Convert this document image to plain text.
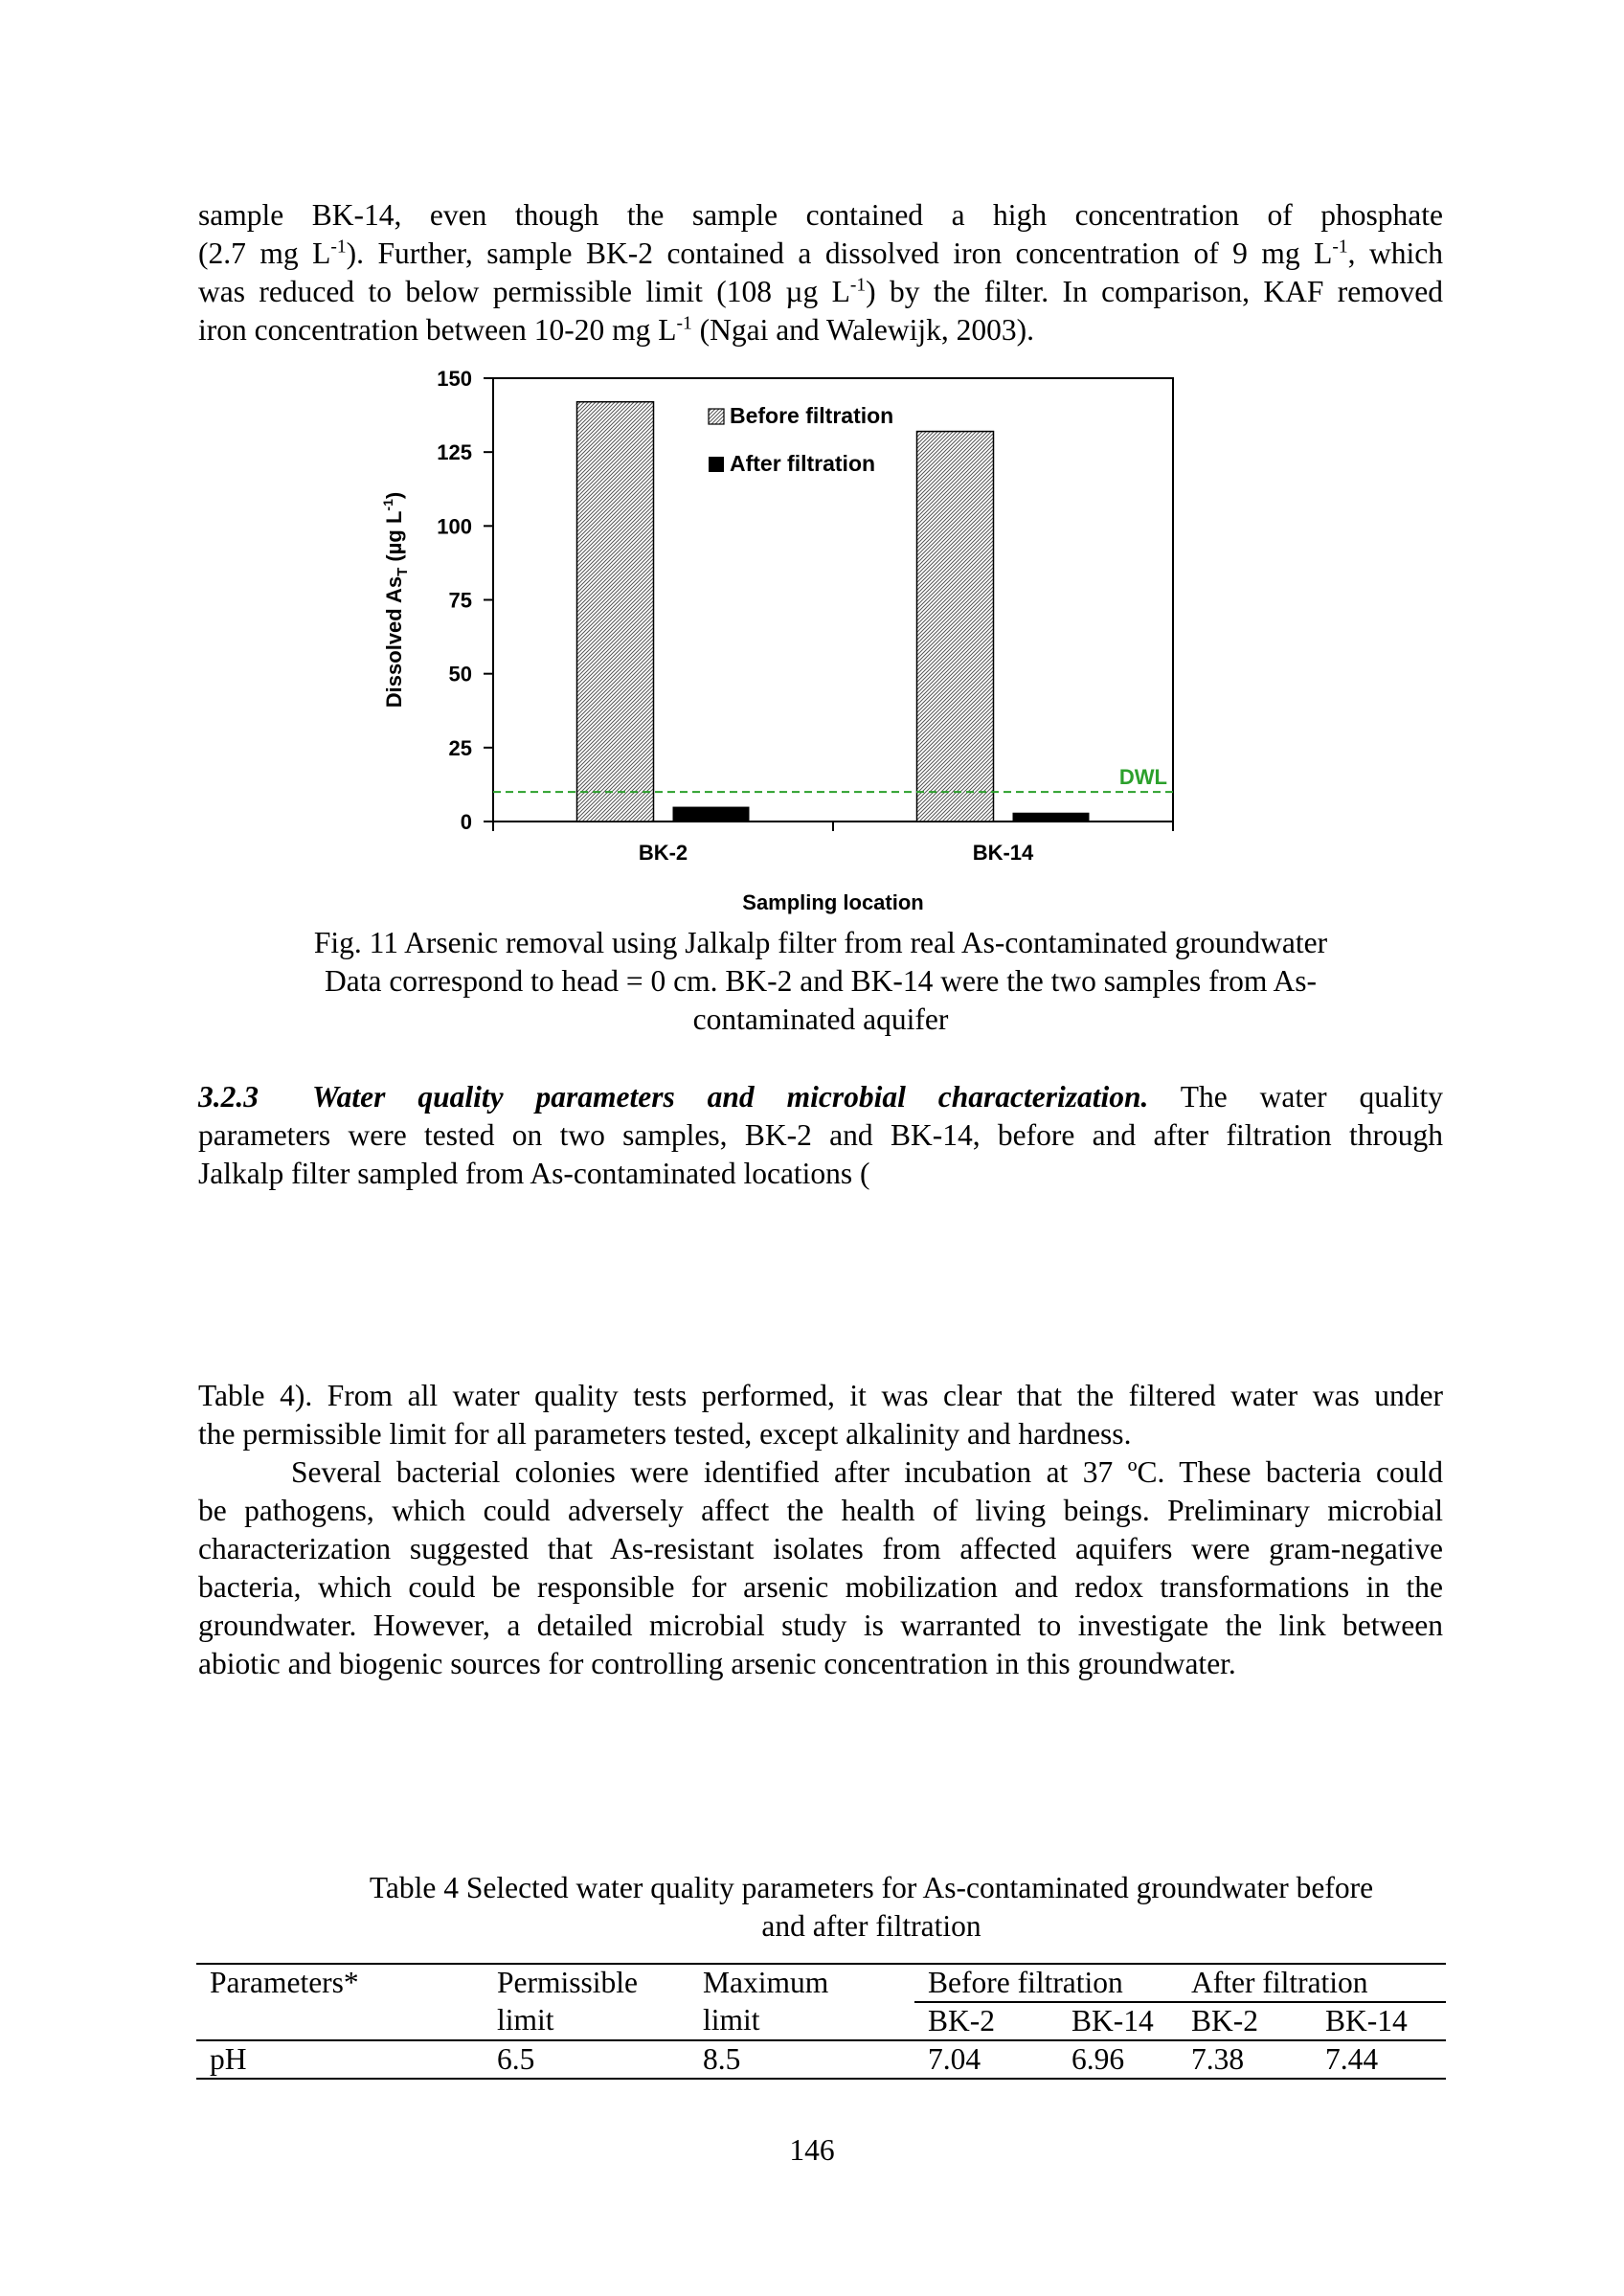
sample BK-14, even though the sample contained a high concentration of phosphate
(2.7 mg $L^{-1}$). Further, sample BK-2 contained a dissolved iron concentration of 9 mg $L^{-1}$, which
was reduced to below permissible limit (108 µg $L^{-1}$) by the filter. In comparison, KAF removed
iron concentration between 10-20 mg $L^{-1}$ (Ngai and Walewijk, 2003).
0
25
50
75
100
125
150
BK-2	BK-14
DWL
Before filtration
After filtration
Sampling location
Dissolved $As_T$ (µg $L^{-1}$)
Fig. 11 Arsenic removal using Jalkalp filter from real As-contaminated groundwater
Data correspond to head = 0 cm. BK-2 and BK-14 were the two samples from As-
contaminated aquifer
3.2.3 Water quality parameters and microbial characterization. The water quality
parameters were tested on two samples, BK-2 and BK-14, before and after filtration through
Jalkalp filter sampled from As-contaminated locations (
Table 4). From all water quality tests performed, it was clear that the filtered water was under
the permissible limit for all parameters tested, except alkalinity and hardness.
Several bacterial colonies were identified after incubation at 37 ºC. These bacteria could
be pathogens, which could adversely affect the health of living beings. Preliminary microbial
characterization suggested that As-resistant isolates from affected aquifers were gram-negative
bacteria, which could be responsible for arsenic mobilization and redox transformations in the
groundwater. However, a detailed microbial study is warranted to investigate the link between
abiotic and biogenic sources for controlling arsenic concentration in this groundwater.
Table 4 Selected water quality parameters for As-contaminated groundwater before
and after filtration
Parameters*	Permissible	Maximum	Before filtration		After filtration	
	limit	limit	BK-2	BK-14	BK-2	BK-14
pH	6.5	8.5	7.04	6.96	7.38	7.44
146
